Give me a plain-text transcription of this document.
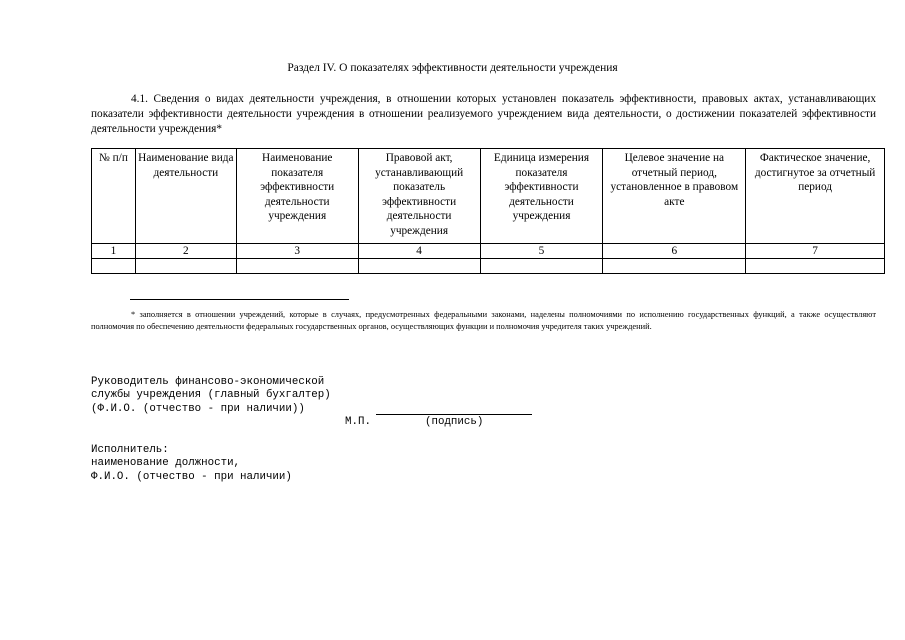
Раздел IV. О показателях эффективности деятельности учреждения
4.1. Сведения о видах деятельности учреждения, в отношении которых установлен показатель эффективности, правовых актах, устанавливающих показатели эффективности деятельности учреждения в отношении реализуемого учреждением вида деятельности, о достижении показателей эффективности деятельности учреждения*
№ п/п	Наименование вида деятельности	Наименование показателя эффективности деятельности учреждения	Правовой акт, устанавливающий показатель эффективности деятельности учреждения	Единица измерения показателя эффективности деятельности учреждения	Целевое значение на отчетный период, установленное в правовом акте	Фактическое значение, достигнутое за отчетный период
1	2	3	4	5	6	7

* заполняется в отношении учреждений, которые в случаях, предусмотренных федеральными законами, наделены полномочиями по исполнению государственных функций, а также осуществляют полномочия по обеспечению деятельности федеральных государственных органов, осуществляющих функции и полномочия учредителя таких учреждений.
Руководитель финансово-экономической
службы учреждения (главный бухгалтер)
(Ф.И.О. (отчество - при наличии))
М.П.	(подпись)
Исполнитель:
наименование должности,
Ф.И.О. (отчество - при наличии)
